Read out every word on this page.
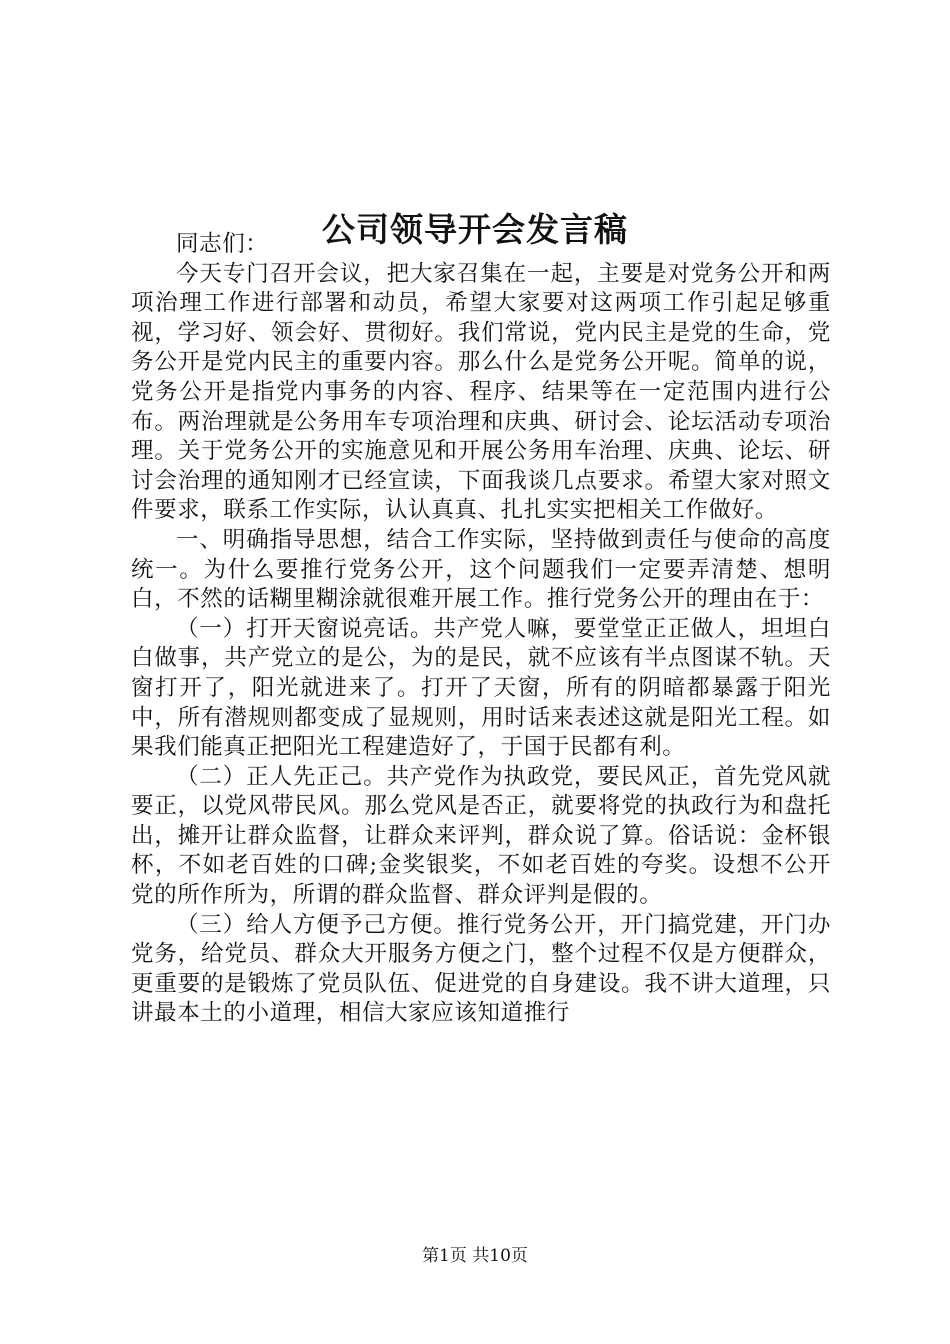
公司领导开会发言稿

同志们：

今天专门召开会议，把大家召集在一起，主要是对党务公开和两项治理工作进行部署和动员，希望大家要对这两项工作引起足够重视，学习好、领会好、贯彻好。我们常说，党内民主是党的生命，党务公开是党内民主的重要内容。那么什么是党务公开呢。简单的说，党务公开是指党内事务的内容、程序、结果等在一定范围内进行公布。两治理就是公务用车专项治理和庆典、研讨会、论坛活动专项治理。关于党务公开的实施意见和开展公务用车治理、庆典、论坛、研讨会治理的通知刚才已经宣读，下面我谈几点要求。希望大家对照文件要求，联系工作实际，认认真真、扎扎实实把相关工作做好。

一、明确指导思想，结合工作实际，坚持做到责任与使命的高度统一。为什么要推行党务公开，这个问题我们一定要弄清楚、想明白，不然的话糊里糊涂就很难开展工作。推行党务公开的理由在于：

（一）打开天窗说亮话。共产党人嘛，要堂堂正正做人，坦坦白白做事，共产党立的是公，为的是民，就不应该有半点图谋不轨。天窗打开了，阳光就进来了。打开了天窗，所有的阴暗都暴露于阳光中，所有潜规则都变成了显规则，用时话来表述这就是阳光工程。如果我们能真正把阳光工程建造好了，于国于民都有利。

（二）正人先正己。共产党作为执政党，要民风正，首先党风就要正，以党风带民风。那么党风是否正，就要将党的执政行为和盘托出，摊开让群众监督，让群众来评判，群众说了算。俗话说：金杯银杯，不如老百姓的口碑;金奖银奖，不如老百姓的夸奖。设想不公开党的所作所为，所谓的群众监督、群众评判是假的。

（三）给人方便予己方便。推行党务公开，开门搞党建，开门办党务，给党员、群众大开服务方便之门，整个过程不仅是方便群众，更重要的是锻炼了党员队伍、促进党的自身建设。我不讲大道理，只讲最本土的小道理，相信大家应该知道推行

第1页 共10页
